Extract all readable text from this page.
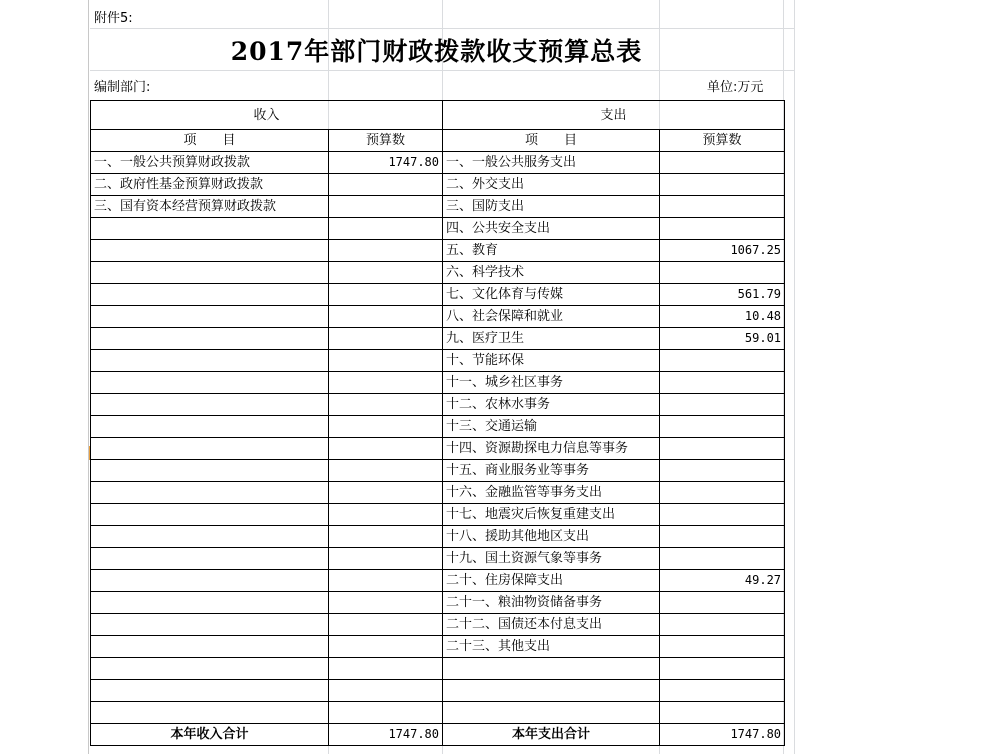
附件5:
2017年部门财政拨款收支预算总表
编制部门:	单位:万元
收入		支出	
项　　目	预算数	项　　目	预算数
一、一般公共预算财政拨款	1747.80	一、一般公共服务支出	
二、政府性基金预算财政拨款		二、外交支出	
三、国有资本经营预算财政拨款		三、国防支出	
		四、公共安全支出	
		五、教育	1067.25
		六、科学技术	
		七、文化体育与传媒	561.79
		八、社会保障和就业	10.48
		九、医疗卫生	59.01
		十、节能环保	
		十一、城乡社区事务	
		十二、农林水事务	
		十三、交通运输	
		十四、资源勘探电力信息等事务	
		十五、商业服务业等事务	
		十六、金融监管等事务支出	
		十七、地震灾后恢复重建支出	
		十八、援助其他地区支出	
		十九、国土资源气象等事务	
		二十、住房保障支出	49.27
		二十一、粮油物资储备事务	
		二十二、国债还本付息支出	
		二十三、其他支出	

本年收入合计	1747.80	本年支出合计	1747.80
